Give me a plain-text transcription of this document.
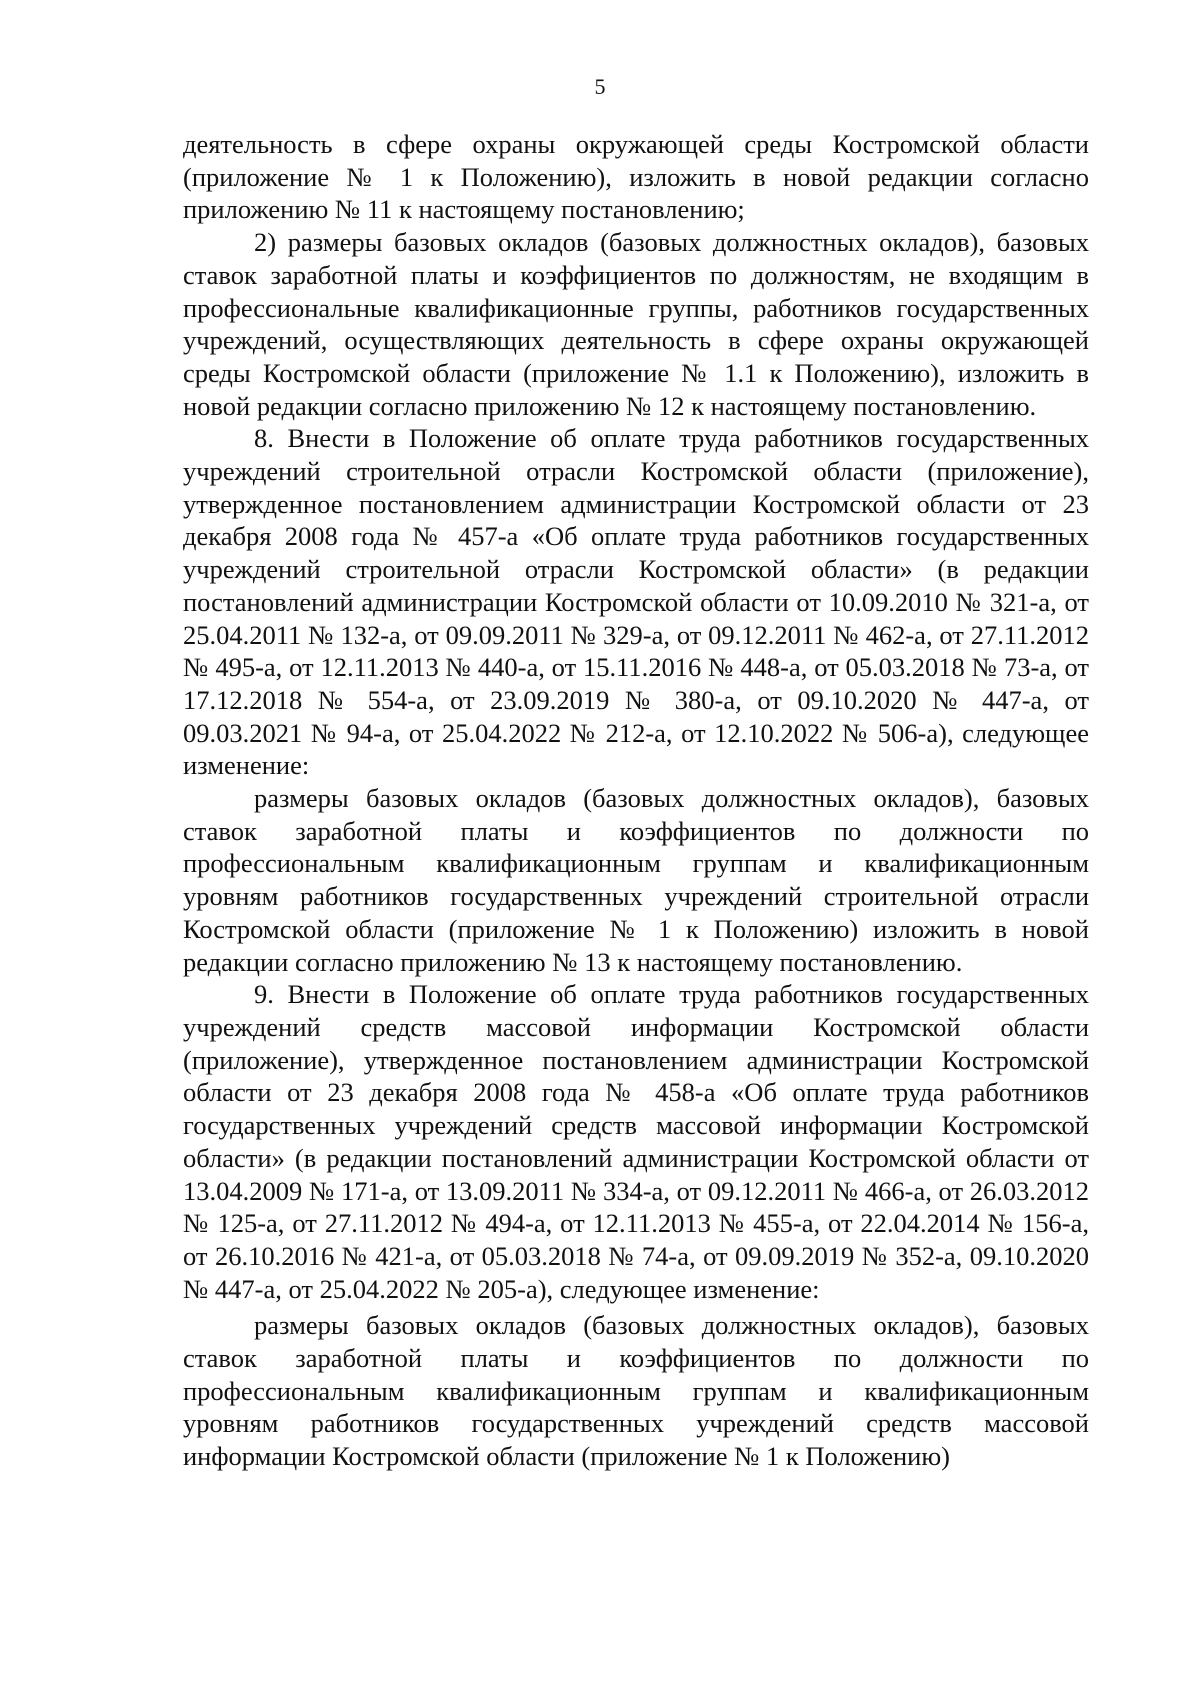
5

деятельность в сфере охраны окружающей среды Костромской области (приложение № 1 к Положению), изложить в новой редакции согласно приложению № 11 к настоящему постановлению;

2) размеры базовых окладов (базовых должностных окладов), базовых ставок заработной платы и коэффициентов по должностям, не входящим в профессиональные квалификационные группы, работников государственных учреждений, осуществляющих деятельность в сфере охраны окружающей среды Костромской области (приложение № 1.1 к Положению), изложить в новой редакции согласно приложению № 12 к настоящему постановлению.

8. Внести в Положение об оплате труда работников государственных учреждений строительной отрасли Костромской области (приложение), утвержденное постановлением администрации Костромской области от 23 декабря 2008 года № 457-а «Об оплате труда работников государственных учреждений строительной отрасли Костромской области» (в редакции постановлений администрации Костромской области от 10.09.2010 № 321-а, от 25.04.2011 № 132-а, от 09.09.2011 № 329-а, от 09.12.2011 № 462-а, от 27.11.2012 № 495-а, от 12.11.2013 № 440-а, от 15.11.2016 № 448-а, от 05.03.2018 № 73-а, от 17.12.2018 № 554-а, от 23.09.2019 № 380-а, от 09.10.2020 № 447-а, от 09.03.2021 № 94-а, от 25.04.2022 № 212-а, от 12.10.2022 № 506-а), следующее изменение:

размеры базовых окладов (базовых должностных окладов), базовых ставок заработной платы и коэффициентов по должности по профессиональным квалификационным группам и квалификационным уровням работников государственных учреждений строительной отрасли Костромской области (приложение № 1 к Положению) изложить в новой редакции согласно приложению № 13 к настоящему постановлению.

9. Внести в Положение об оплате труда работников государственных учреждений средств массовой информации Костромской области (приложение), утвержденное постановлением администрации Костромской области от 23 декабря 2008 года № 458-а «Об оплате труда работников государственных учреждений средств массовой информации Костромской области» (в редакции постановлений администрации Костромской области от 13.04.2009 № 171-а, от 13.09.2011 № 334-а, от 09.12.2011 № 466-а, от 26.03.2012 № 125-а, от 27.11.2012 № 494-а, от 12.11.2013 № 455-а, от 22.04.2014 № 156-а, от 26.10.2016 № 421-а, от 05.03.2018 № 74-а, от 09.09.2019 № 352-а, 09.10.2020 № 447-а, от 25.04.2022 № 205-а), следующее изменение:

размеры базовых окладов (базовых должностных окладов), базовых ставок заработной платы и коэффициентов по должности по профессиональным квалификационным группам и квалификационным уровням работников государственных учреждений средств массовой информации Костромской области (приложение № 1 к Положению)
